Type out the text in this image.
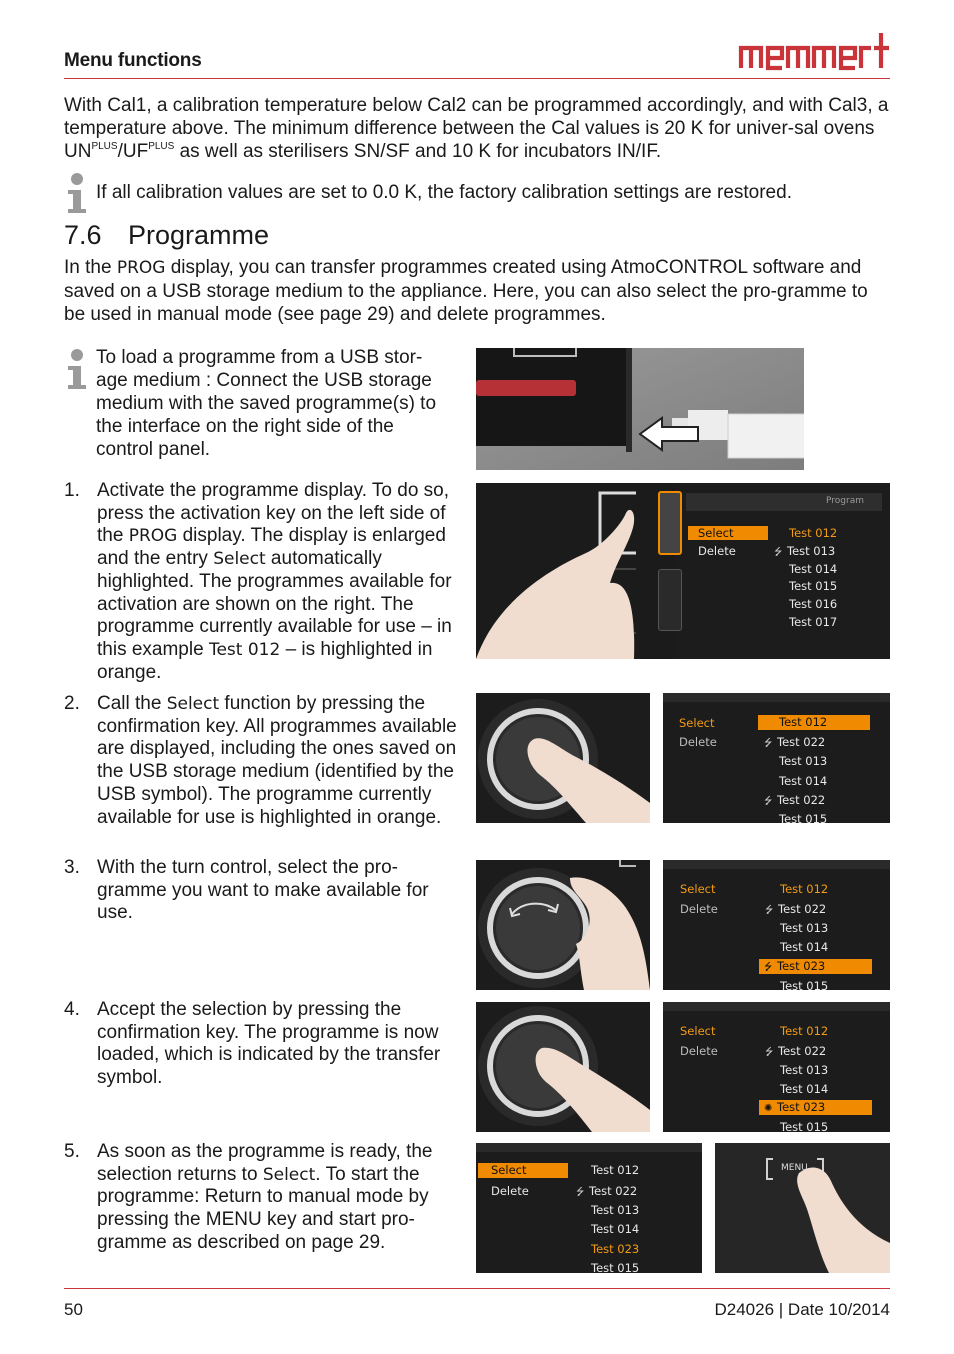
Menu functions
With Cal1, a calibration temperature below Cal2 can be programmed accordingly, and with Cal3, a temperature above. The minimum difference between the Cal values is 20 K for univer-sal ovens $UN^{PLUS}/UF^{PLUS}$ as well as sterilisers SN/SF and 10 K for incubators IN/IF.
If all calibration values are set to 0.0 K, the factory calibration settings are restored.
7.6 Programme
In the PROG display, you can transfer programmes created using AtmoCONTROL software and saved on a USB storage medium to the appliance. Here, you can also select the pro-gramme to be used in manual mode (see page 29) and delete programmes.
To load a programme from a USB stor-age medium : Connect the USB storage medium with the saved programme(s) to the interface on the right side of the control panel.
1. Activate the programme display. To do so, press the activation key on the left side of the PROG display. The display is enlarged and the entry Select automatically highlighted. The programmes available for activation are shown on the right. The programme currently available for use – in this example Test 012 – is highlighted in orange.
Program
Select
Delete
Test 012
⭍ Test 013
Test 014
Test 015
Test 016
Test 017
2. Call the Select function by pressing the confirmation key. All programmes available are displayed, including the ones saved on the USB storage medium (identified by the USB symbol). The programme currently available for use is highlighted in orange.
Select
Delete
Test 012
⭍ Test 022
Test 013
Test 014
⭍ Test 022
Test 015
3. With the turn control, select the pro-gramme you want to make available for use.
Select
Delete
Test 012
⭍ Test 022
Test 013
Test 014
⭍ Test 023
Test 015
4. Accept the selection by pressing the confirmation key. The programme is now loaded, which is indicated by the transfer symbol.
Select
Delete
Test 012
⭍ Test 022
Test 013
Test 014
✺ Test 023
Test 015
5. As soon as the programme is ready, the selection returns to Select. To start the programme: Return to manual mode by pressing the MENU key and start pro-gramme as described on page 29.
Select
Delete
Test 012
⭍ Test 022
Test 013
Test 014
Test 023
Test 015
MENU
50	D24026 | Date 10/2014
